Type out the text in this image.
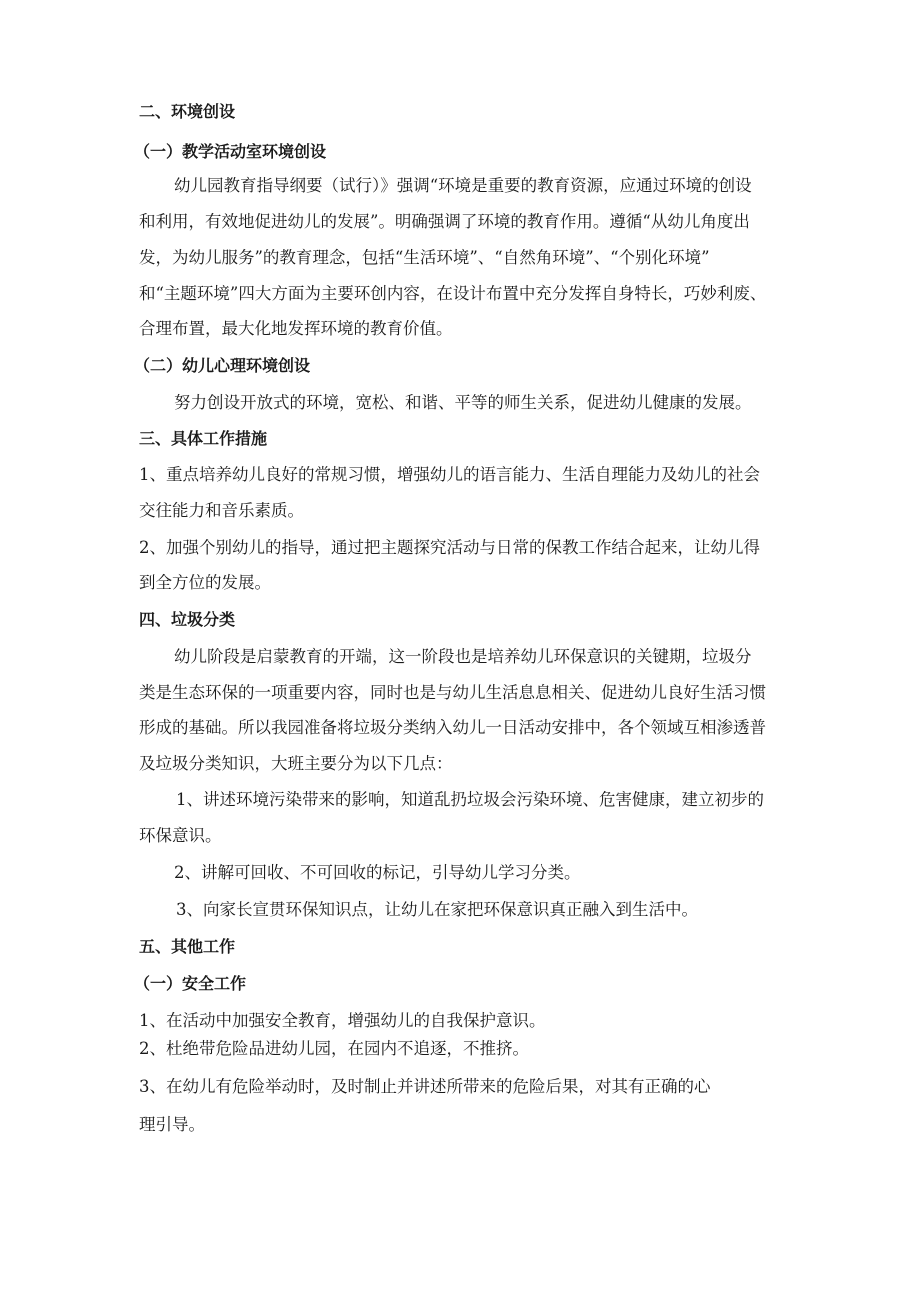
二、环境创设
（一）教学活动室环境创设
幼儿园教育指导纲要（试行）》强调“环境是重要的教育资源，应通过环境的创设
和利用，有效地促进幼儿的发展”。明确强调了环境的教育作用。遵循“从幼儿角度出
发，为幼儿服务”的教育理念，包括“生活环境”、“自然角环境”、“个别化环境”
和“主题环境”四大方面为主要环创内容，在设计布置中充分发挥自身特长，巧妙利废、
合理布置，最大化地发挥环境的教育价值。
（二）幼儿心理环境创设
努力创设开放式的环境，宽松、和谐、平等的师生关系，促进幼儿健康的发展。
三、具体工作措施
1、重点培养幼儿良好的常规习惯，增强幼儿的语言能力、生活自理能力及幼儿的社会
交往能力和音乐素质。
2、加强个别幼儿的指导，通过把主题探究活动与日常的保教工作结合起来，让幼儿得
到全方位的发展。
四、垃圾分类
幼儿阶段是启蒙教育的开端，这一阶段也是培养幼儿环保意识的关键期，垃圾分
类是生态环保的一项重要内容，同时也是与幼儿生活息息相关、促进幼儿良好生活习惯
形成的基础。所以我园准备将垃圾分类纳入幼儿一日活动安排中，各个领域互相渗透普
及垃圾分类知识，大班主要分为以下几点：
1、讲述环境污染带来的影响，知道乱扔垃圾会污染环境、危害健康，建立初步的
环保意识。
2、讲解可回收、不可回收的标记，引导幼儿学习分类。
3、向家长宣贯环保知识点，让幼儿在家把环保意识真正融入到生活中。
五、其他工作
（一）安全工作
1、在活动中加强安全教育，增强幼儿的自我保护意识。
2、杜绝带危险品进幼儿园，在园内不追逐，不推挤。
3、在幼儿有危险举动时，及时制止并讲述所带来的危险后果，对其有正确的心
理引导。
